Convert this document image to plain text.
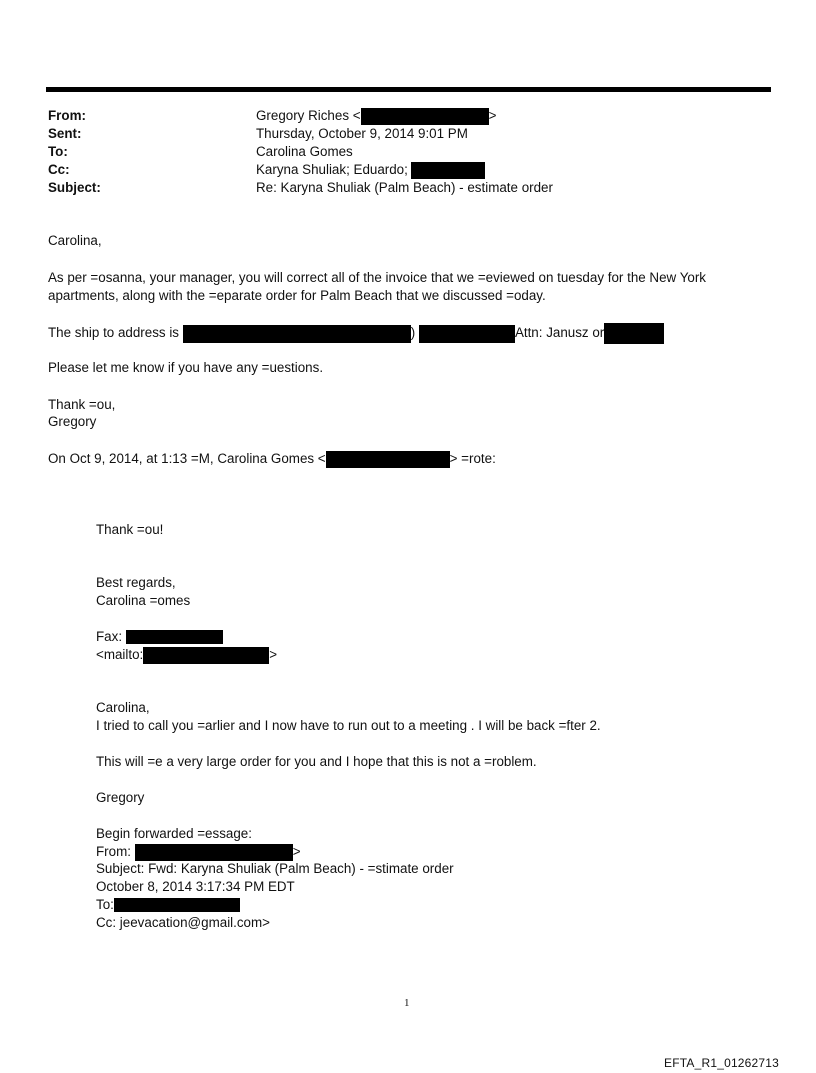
From:	Gregory Riches <	>
Sent:	Thursday, October 9, 2014 9:01 PM
To:	Carolina Gomes
Cc:	Karyna Shuliak; Eduardo;
Subject:	Re: Karyna Shuliak (Palm Beach) - estimate order
Carolina,
As per =osanna, your manager, you will correct all of the invoice that we =eviewed on tuesday for the New York
apartments, along with the =eparate order for Palm Beach that we discussed =oday.
The ship to address is	)	Attn: Janusz or
Please let me know if you have any =uestions.
Thank =ou,
Gregory
On Oct 9, 2014, at 1:13 =M, Carolina Gomes <	> =rote:
Thank =ou!
Best regards,
Carolina =omes
Fax:
<mailto:	>
Carolina,
I tried to call you =arlier and I now have to run out to a meeting . I will be back =fter 2.
This will =e a very large order for you and I hope that this is not a =roblem.
Gregory
Begin forwarded =essage:
From:	>
Subject: Fwd: Karyna Shuliak (Palm Beach) - =stimate order
October 8, 2014 3:17:34 PM EDT
To:
Cc: jeevacation@gmail.com>
1
EFTA_R1_01262713
